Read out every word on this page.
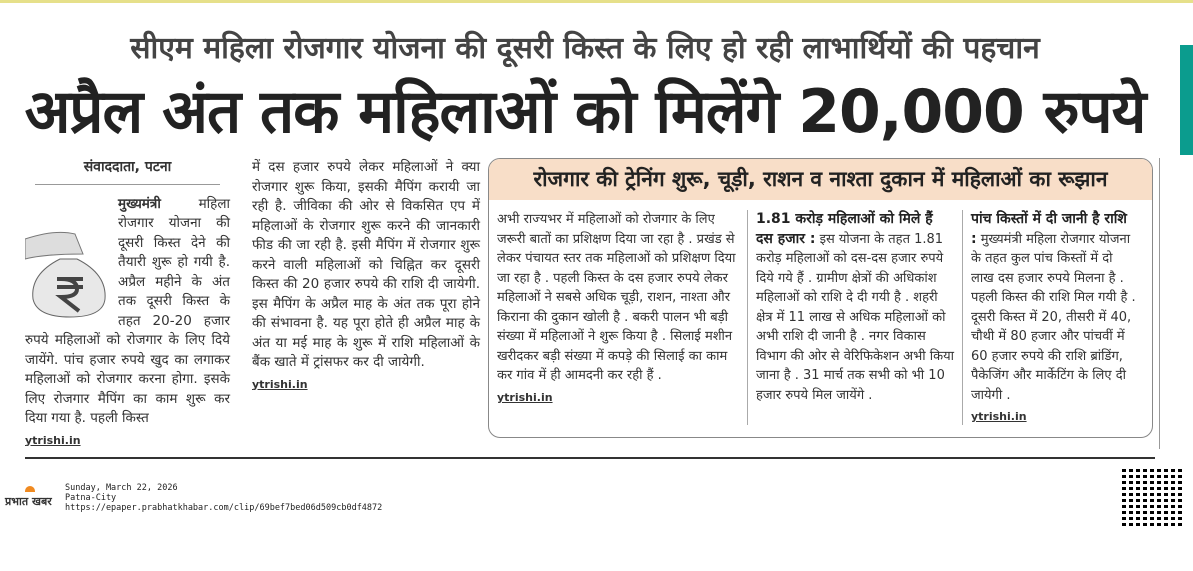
सीएम महिला रोजगार योजना की दूसरी किस्त के लिए हो रही लाभार्थियों की पहचान
अप्रैल अंत तक महिलाओं को मिलेंगे 20,000 रुपये
संवाददाता, पटना
मुख्यमंत्री	महिला रोजगार योजना की दूसरी किस्त देने की तैयारी शुरू हो गयी है. अप्रैल महीने के अंत तक दूसरी किस्त के तहत 20-20 हजार रुपये महिलाओं को रोजगार के लिए दिये जायेंगे. पांच हजार रुपये खुद का लगाकर महिलाओं को रोजगार करना होगा. इसके लिए रोजगार मैपिंग का काम शुरू कर दिया गया है. पहली किस्त
ytrishi.in
में दस हजार रुपये लेकर महिलाओं ने क्या रोजगार शुरू किया, इसकी मैपिंग करायी जा रही है. जीविका की ओर से विकसित एप में महिलाओं के रोजगार शुरू करने की जानकारी फीड की जा रही है. इसी मैपिंग में रोजगार शुरू करने वाली महिलाओं को चिह्नित कर दूसरी किस्त की 20 हजार रुपये की राशि दी जायेगी. इस मैपिंग के अप्रैल माह के अंत तक पूरा होने की संभावना है. यह पूरा होते ही अप्रैल माह के अंत या मई माह के शुरू में राशि महिलाओं के बैंक खाते में ट्रांसफर कर दी जायेगी.
ytrishi.in
रोजगार की ट्रेनिंग शुरू, चूड़ी, राशन व नाश्ता दुकान में महिलाओं का रूझान
अभी राज्यभर में महिलाओं को रोजगार के लिए जरूरी बातों का प्रशिक्षण दिया जा रहा है . प्रखंड से लेकर पंचायत स्तर तक महिलाओं को प्रशिक्षण दिया जा रहा है . पहली किस्त के दस हजार रुपये लेकर महिलाओं ने सबसे अधिक चूड़ी, राशन, नाश्ता और किराना की दुकान खोली है . बकरी पालन भी बड़ी संख्या में महिलाओं ने शुरू किया है . सिलाई मशीन खरीदकर बड़ी संख्या में कपड़े की सिलाई का काम कर गांव में ही आमदनी कर रही हैं .
ytrishi.in
1.81 करोड़ महिलाओं को मिले हैं दस हजार : इस योजना के तहत 1.81 करोड़ महिलाओं को दस-दस हजार रुपये दिये गये हैं . ग्रामीण क्षेत्रों की अधिकांश महिलाओं को राशि दे दी गयी है . शहरी क्षेत्र में 11 लाख से अधिक महिलाओं को अभी राशि दी जानी है . नगर विकास विभाग की ओर से वेरिफिकेशन अभी किया जाना है . 31 मार्च तक सभी को भी 10 हजार रुपये मिल जायेंगे .
पांच किस्तों में दी जानी है राशि : मुख्यमंत्री महिला रोजगार योजना के तहत कुल पांच किस्तों में दो लाख दस हजार रुपये मिलना है . पहली किस्त की राशि मिल गयी है . दूसरी किस्त में 20, तीसरी में 40, चौथी में 80 हजार और पांचवीं में 60 हजार रुपये की राशि ब्रांडिंग, पैकेजिंग और मार्केटिंग के लिए दी जायेगी .
ytrishi.in
प्रभात खबर
Sunday, March 22, 2026
Patna-City
https://epaper.prabhatkhabar.com/clip/69bef7bed06d509cb0df4872
